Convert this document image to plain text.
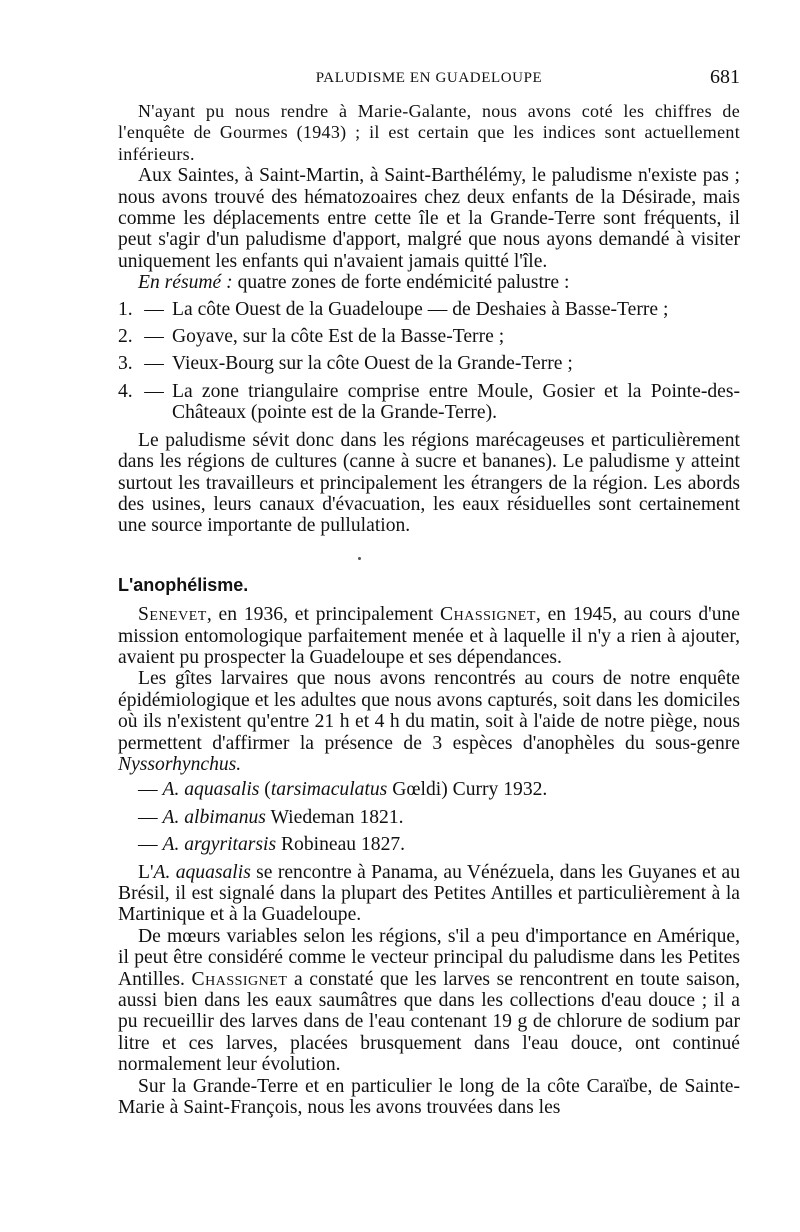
PALUDISME EN GUADELOUPE	681

N'ayant pu nous rendre à Marie-Galante, nous avons coté les chiffres de l'enquête de Gourmes (1943) ; il est certain que les indices sont actuellement inférieurs.

Aux Saintes, à Saint-Martin, à Saint-Barthélémy, le paludisme n'existe pas ; nous avons trouvé des hématozoaires chez deux enfants de la Désirade, mais comme les déplacements entre cette île et la Grande-Terre sont fréquents, il peut s'agir d'un paludisme d'apport, malgré que nous ayons demandé à visiter uniquement les enfants qui n'avaient jamais quitté l'île.

En résumé : quatre zones de forte endémicité palustre :

1. — La côte Ouest de la Guadeloupe — de Deshaies à Basse-Terre ;
2. — Goyave, sur la côte Est de la Basse-Terre ;
3. — Vieux-Bourg sur la côte Ouest de la Grande-Terre ;
4. — La zone triangulaire comprise entre Moule, Gosier et la Pointe-des-Châteaux (pointe est de la Grande-Terre).

Le paludisme sévit donc dans les régions marécageuses et particulièrement dans les régions de cultures (canne à sucre et bananes). Le paludisme y atteint surtout les travailleurs et principalement les étrangers de la région. Les abords des usines, leurs canaux d'évacuation, les eaux résiduelles sont certainement une source importante de pullulation.

L'anophélisme.

Senevet, en 1936, et principalement Chassignet, en 1945, au cours d'une mission entomologique parfaitement menée et à laquelle il n'y a rien à ajouter, avaient pu prospecter la Guadeloupe et ses dépendances.

Les gîtes larvaires que nous avons rencontrés au cours de notre enquête épidémiologique et les adultes que nous avons capturés, soit dans les domiciles où ils n'existent qu'entre 21 h et 4 h du matin, soit à l'aide de notre piège, nous permettent d'affirmer la présence de 3 espèces d'anophèles du sous-genre Nyssorhynchus.

— A. aquasalis (tarsimaculatus Gœldi) Curry 1932.
— A. albimanus Wiedeman 1821.
— A. argyritarsis Robineau 1827.

L'A. aquasalis se rencontre à Panama, au Vénézuela, dans les Guyanes et au Brésil, il est signalé dans la plupart des Petites Antilles et particulièrement à la Martinique et à la Guadeloupe.

De mœurs variables selon les régions, s'il a peu d'importance en Amérique, il peut être considéré comme le vecteur principal du paludisme dans les Petites Antilles. Chassignet a constaté que les larves se rencontrent en toute saison, aussi bien dans les eaux saumâtres que dans les collections d'eau douce ; il a pu recueillir des larves dans de l'eau contenant 19 g de chlorure de sodium par litre et ces larves, placées brusquement dans l'eau douce, ont continué normalement leur évolution.

Sur la Grande-Terre et en particulier le long de la côte Caraïbe, de Sainte-Marie à Saint-François, nous les avons trouvées dans les
